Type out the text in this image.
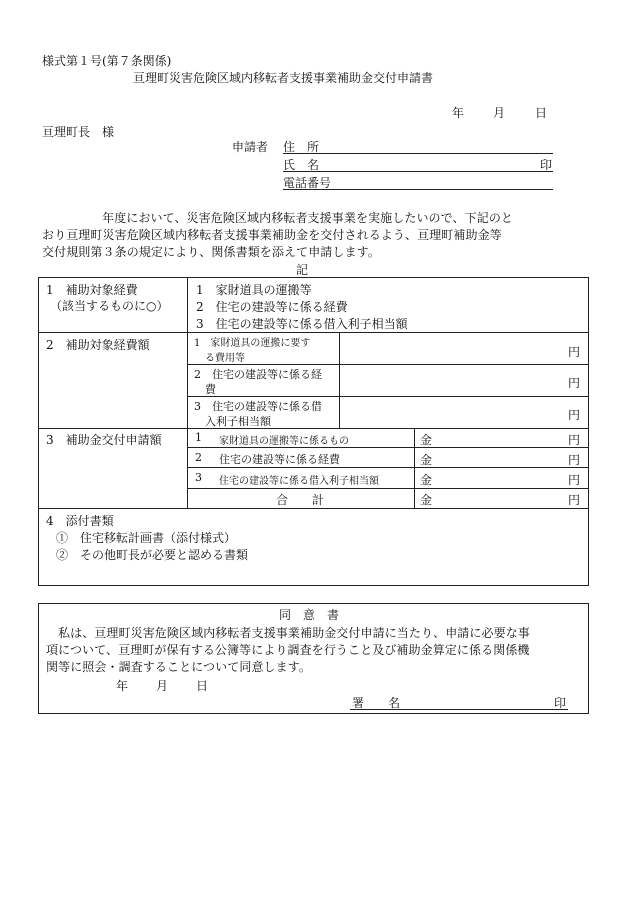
様式第１号(第７条関係)
亘理町災害危険区域内移転者支援事業補助金交付申請書
年 月 日
亘理町長　様
申請者 住　所
氏　名	印
電話番号
　年度において、災害危険区域内移転者支援事業を実施したいので、下記のと
おり亘理町災害危険区域内移転者支援事業補助金を交付されるよう、亘理町補助金等
交付規則第３条の規定により、関係書類を添えて申請します。
記
1　補助対象経費
（該当するものに○）
1　家財道具の運搬等
2　住宅の建設等に係る経費
3　住宅の建設等に係る借入利子相当額
2　補助対象経費額	1　家財道具の運搬に要す
る費用等	円
2　住宅の建設等に係る経
費	円
3　住宅の建設等に係る借
入利子相当額	円
3　補助金交付申請額	1 家財道具の運搬等に係るもの	金	円
2 住宅の建設等に係る経費	金	円
3 住宅の建設等に係る借入利子相当額	金	円
合　　計	金	円
4　添付書類
①　住宅移転計画書（添付様式）
②　その他町長が必要と認める書類
同　意　書
私は、亘理町災害危険区域内移転者支援事業補助金交付申請に当たり、申請に必要な事
項について、亘理町が保有する公簿等により調査を行うこと及び補助金算定に係る関係機
関等に照会・調査することについて同意します。
年 月 日
署　　名	印
